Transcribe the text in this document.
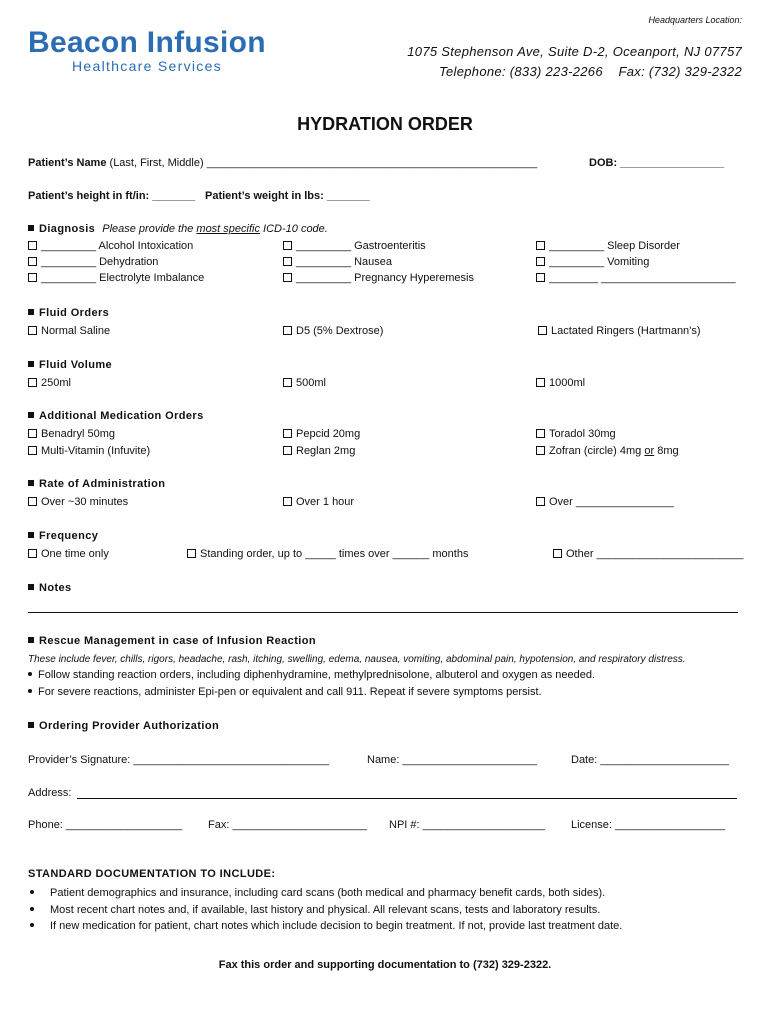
Beacon Infusion
Healthcare Services
Headquarters Location:
1075 Stephenson Ave, Suite D-2, Oceanport, NJ 07757
Telephone: (833) 223-2266    Fax: (732) 329-2322
HYDRATION ORDER
Patient’s Name (Last, First, Middle) ______________________________________________________	DOB: _________________
Patient’s height in ft/in: _______ Patient’s weight in lbs: _______
Diagnosis Please provide the most specific ICD-10 code.
_________ Alcohol Intoxication	_________ Gastroenteritis	_________ Sleep Disorder
_________ Dehydration	_________ Nausea	_________ Vomiting
_________ Electrolyte Imbalance	_________ Pregnancy Hyperemesis	________ ______________________
Fluid Orders
Normal Saline	D5 (5% Dextrose)	Lactated Ringers (Hartmann’s)
Fluid Volume
250ml	500ml	1000ml
Additional Medication Orders
Benadryl 50mg	Pepcid 20mg	Toradol 30mg
Multi-Vitamin (Infuvite)	Reglan 2mg	Zofran (circle) 4mg or 8mg
Rate of Administration
Over ~30 minutes	Over 1 hour	Over ________________
Frequency
One time only	Standing order, up to _____ times over ______ months	Other ________________________
Notes
Rescue Management in case of Infusion Reaction
These include fever, chills, rigors, headache, rash, itching, swelling, edema, nausea, vomiting, abdominal pain, hypotension, and respiratory distress.
Follow standing reaction orders, including diphenhydramine, methylprednisolone, albuterol and oxygen as needed.
For severe reactions, administer Epi-pen or equivalent and call 911. Repeat if severe symptoms persist.
Ordering Provider Authorization
Provider’s Signature: ________________________________	Name: ______________________	Date: _____________________
Address:
Phone: ___________________ Fax: ______________________ NPI #: ____________________ License: __________________
STANDARD DOCUMENTATION TO INCLUDE:
Patient demographics and insurance, including card scans (both medical and pharmacy benefit cards, both sides).
Most recent chart notes and, if available, last history and physical. All relevant scans, tests and laboratory results.
If new medication for patient, chart notes which include decision to begin treatment. If not, provide last treatment date.
Fax this order and supporting documentation to (732) 329-2322.
